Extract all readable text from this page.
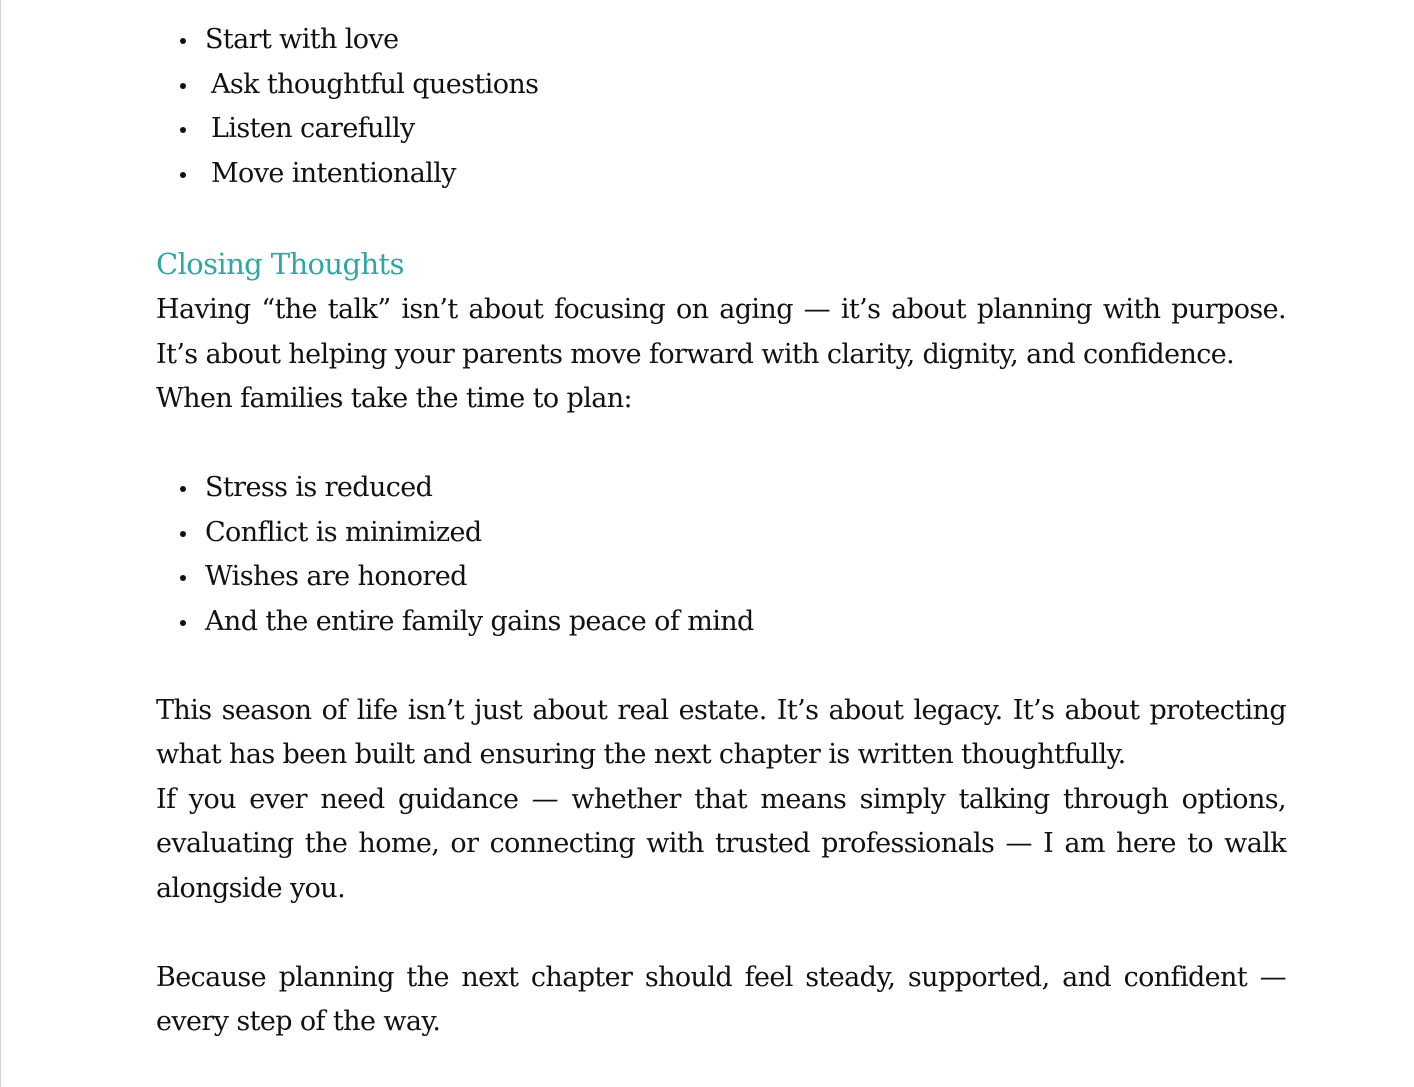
Start with love
Ask thoughtful questions
Listen carefully
Move intentionally
Closing Thoughts

Having “the talk” isn’t about focusing on aging — it’s about planning with purpose. It’s about helping your parents move forward with clarity, dignity, and confidence.

When families take the time to plan:

Stress is reduced
Conflict is minimized
Wishes are honored
And the entire family gains peace of mind

This season of life isn’t just about real estate. It’s about legacy. It’s about protecting what has been built and ensuring the next chapter is written thoughtfully.

If you ever need guidance — whether that means simply talking through options, evaluating the home, or connecting with trusted professionals — I am here to walk alongside you.

Because planning the next chapter should feel steady, supported, and confident — every step of the way.
